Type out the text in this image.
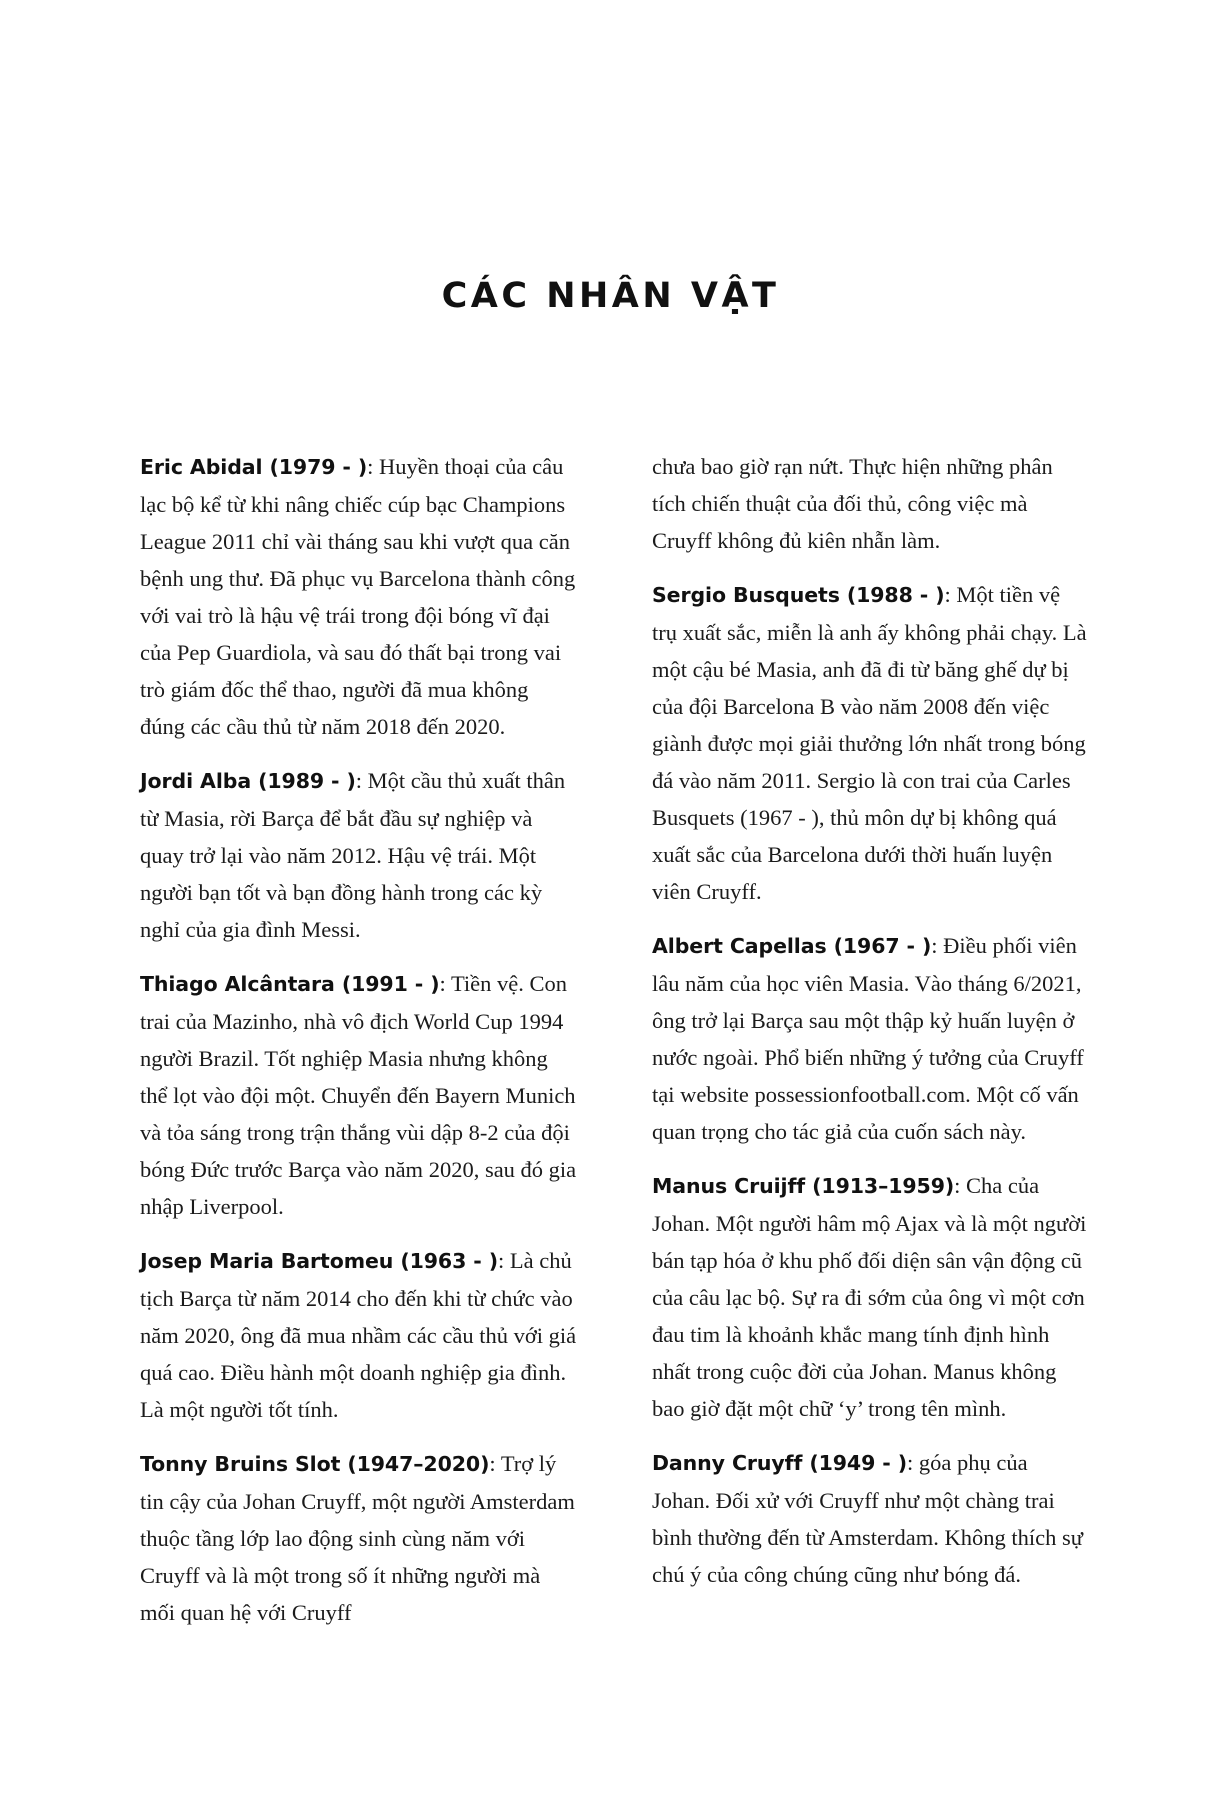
CÁC NHÂN VẬT

Eric Abidal (1979 - ): Huyền thoại của câu lạc bộ kể từ khi nâng chiếc cúp bạc Champions League 2011 chỉ vài tháng sau khi vượt qua căn bệnh ung thư. Đã phục vụ Barcelona thành công với vai trò là hậu vệ trái trong đội bóng vĩ đại của Pep Guardiola, và sau đó thất bại trong vai trò giám đốc thể thao, người đã mua không đúng các cầu thủ từ năm 2018 đến 2020.

Jordi Alba (1989 - ): Một cầu thủ xuất thân từ Masia, rời Barça để bắt đầu sự nghiệp và quay trở lại vào năm 2012. Hậu vệ trái. Một người bạn tốt và bạn đồng hành trong các kỳ nghỉ của gia đình Messi.

Thiago Alcântara (1991 - ): Tiền vệ. Con trai của Mazinho, nhà vô địch World Cup 1994 người Brazil. Tốt nghiệp Masia nhưng không thể lọt vào đội một. Chuyển đến Bayern Munich và tỏa sáng trong trận thắng vùi dập 8-2 của đội bóng Đức trước Barça vào năm 2020, sau đó gia nhập Liverpool.

Josep Maria Bartomeu (1963 - ): Là chủ tịch Barça từ năm 2014 cho đến khi từ chức vào năm 2020, ông đã mua nhầm các cầu thủ với giá quá cao. Điều hành một doanh nghiệp gia đình. Là một người tốt tính.

Tonny Bruins Slot (1947–2020): Trợ lý tin cậy của Johan Cruyff, một người Amsterdam thuộc tầng lớp lao động sinh cùng năm với Cruyff và là một trong số ít những người mà mối quan hệ với Cruyff

chưa bao giờ rạn nứt. Thực hiện những phân tích chiến thuật của đối thủ, công việc mà Cruyff không đủ kiên nhẫn làm.

Sergio Busquets (1988 - ): Một tiền vệ trụ xuất sắc, miễn là anh ấy không phải chạy. Là một cậu bé Masia, anh đã đi từ băng ghế dự bị của đội Barcelona B vào năm 2008 đến việc giành được mọi giải thưởng lớn nhất trong bóng đá vào năm 2011. Sergio là con trai của Carles Busquets (1967 - ), thủ môn dự bị không quá xuất sắc của Barcelona dưới thời huấn luyện viên Cruyff.

Albert Capellas (1967 - ): Điều phối viên lâu năm của học viên Masia. Vào tháng 6/2021, ông trở lại Barça sau một thập kỷ huấn luyện ở nước ngoài. Phổ biến những ý tưởng của Cruyff tại website possessionfootball.com. Một cố vấn quan trọng cho tác giả của cuốn sách này.

Manus Cruijff (1913–1959): Cha của Johan. Một người hâm mộ Ajax và là một người bán tạp hóa ở khu phố đối diện sân vận động cũ của câu lạc bộ. Sự ra đi sớm của ông vì một cơn đau tim là khoảnh khắc mang tính định hình nhất trong cuộc đời của Johan. Manus không bao giờ đặt một chữ ‘y’ trong tên mình.

Danny Cruyff (1949 - ): góa phụ của Johan. Đối xử với Cruyff như một chàng trai bình thường đến từ Amsterdam. Không thích sự chú ý của công chúng cũng như bóng đá.
